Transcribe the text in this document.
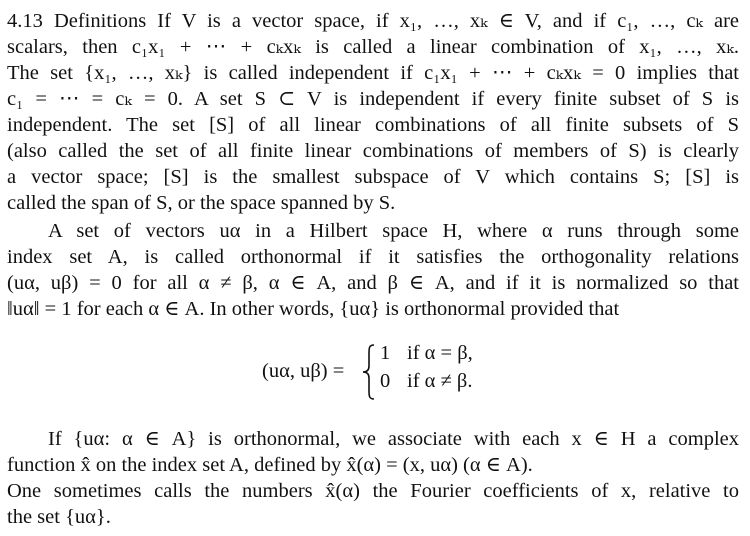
4.13 Definitions If V is a vector space, if x₁, …, xₖ ∈ V, and if c₁, …, cₖ are
scalars, then c₁x₁ + ⋯ + cₖxₖ is called a linear combination of x₁, …, xₖ.
The set {x₁, …, xₖ} is called independent if c₁x₁ + ⋯ + cₖxₖ = 0 implies that
c₁ = ⋯ = cₖ = 0. A set S ⊂ V is independent if every finite subset of S is
independent. The set [S] of all linear combinations of all finite subsets of S
(also called the set of all finite linear combinations of members of S) is clearly
a vector space; [S] is the smallest subspace of V which contains S; [S] is
called the span of S, or the space spanned by S.
A set of vectors uα in a Hilbert space H, where α runs through some
index set A, is called orthonormal if it satisfies the orthogonality relations
(uα, uβ) = 0 for all α ≠ β, α ∈ A, and β ∈ A, and if it is normalized so that
‖uα‖ = 1 for each α ∈ A. In other words, {uα} is orthonormal provided that
(uα, uβ) =
1 if α = β,
0 if α ≠ β.
If {uα: α ∈ A} is orthonormal, we associate with each x ∈ H a complex
function x̂ on the index set A, defined by x̂(α) = (x, uα) (α ∈ A).
One sometimes calls the numbers x̂(α) the Fourier coefficients of x, relative to
the set {uα}.
